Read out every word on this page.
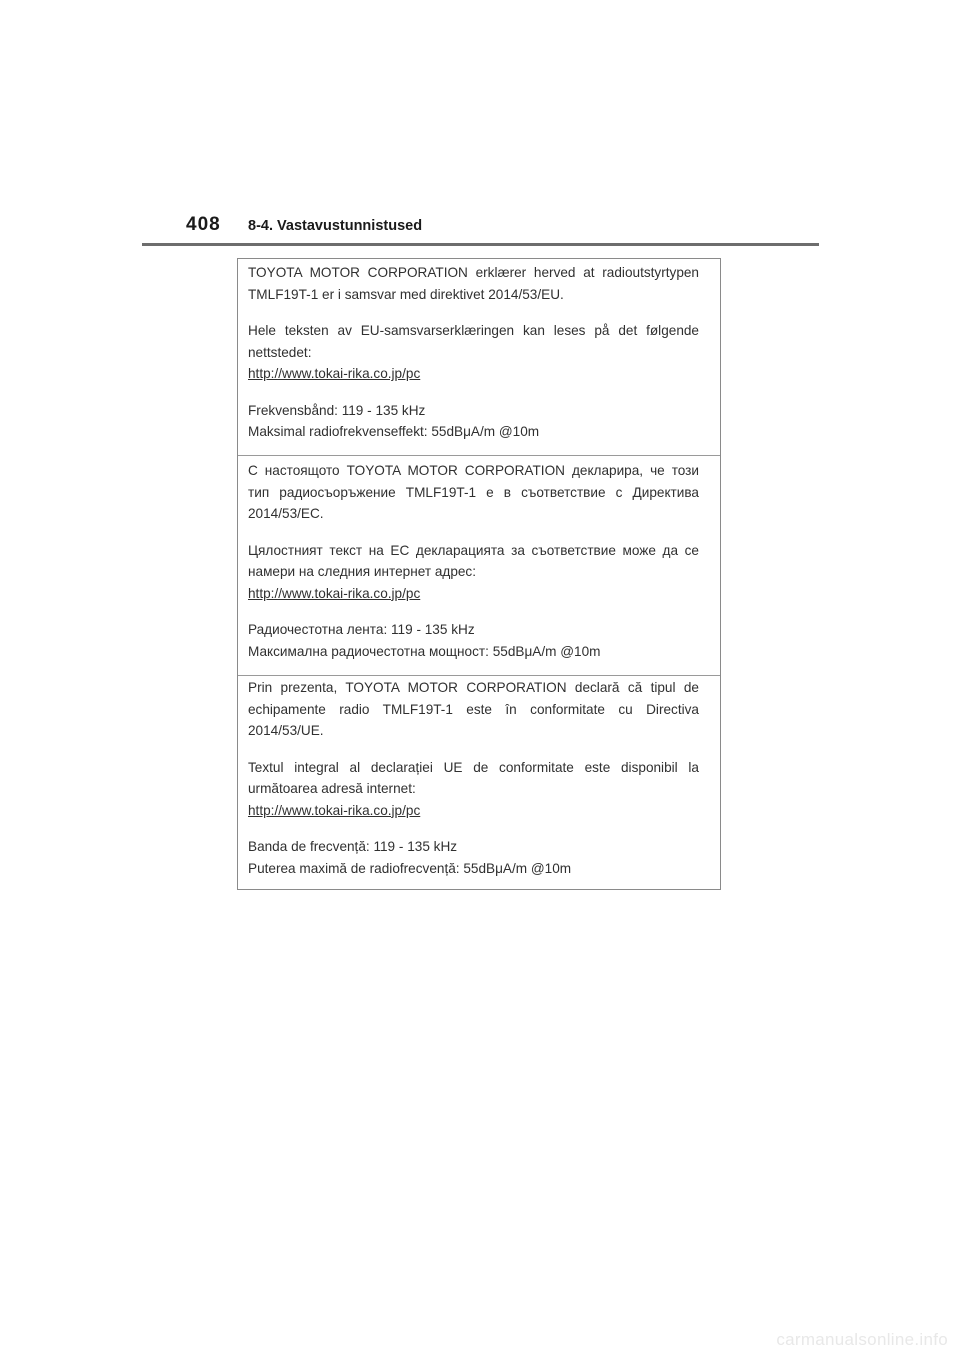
408 8-4. Vastavustunnistused

TOYOTA MOTOR CORPORATION erklærer herved at radioutstyrtypen TMLF19T-1 er i samsvar med direktivet 2014/53/EU.

Hele teksten av EU-samsvarserklæringen kan leses på det følgende nettstedet:

http://www.tokai-rika.co.jp/pc

Frekvensbånd: 119 - 135 kHz

Maksimal radiofrekvenseffekt: 55dBμA/m @10m

С настоящото TOYOTA MOTOR CORPORATION декларира, че този тип радиосъоръжение TMLF19T-1 е в съответствие с Директива 2014/53/ЕС.

Цялостният текст на ЕС декларацията за съответствие може да се намери на следния интернет адрес:

http://www.tokai-rika.co.jp/pc

Радиочестотна лента: 119 - 135 kHz

Максимална радиочестотна мощност: 55dBμA/m @10m

Prin prezenta, TOYOTA MOTOR CORPORATION declară că tipul de echipamente radio TMLF19T-1 este în conformitate cu Directiva 2014/53/UE.

Textul integral al declarației UE de conformitate este disponibil la următoarea adresă internet:

http://www.tokai-rika.co.jp/pc

Banda de frecvență: 119 - 135 kHz

Puterea maximă de radiofrecvență: 55dBμA/m @10m

carmanualsonline.info
